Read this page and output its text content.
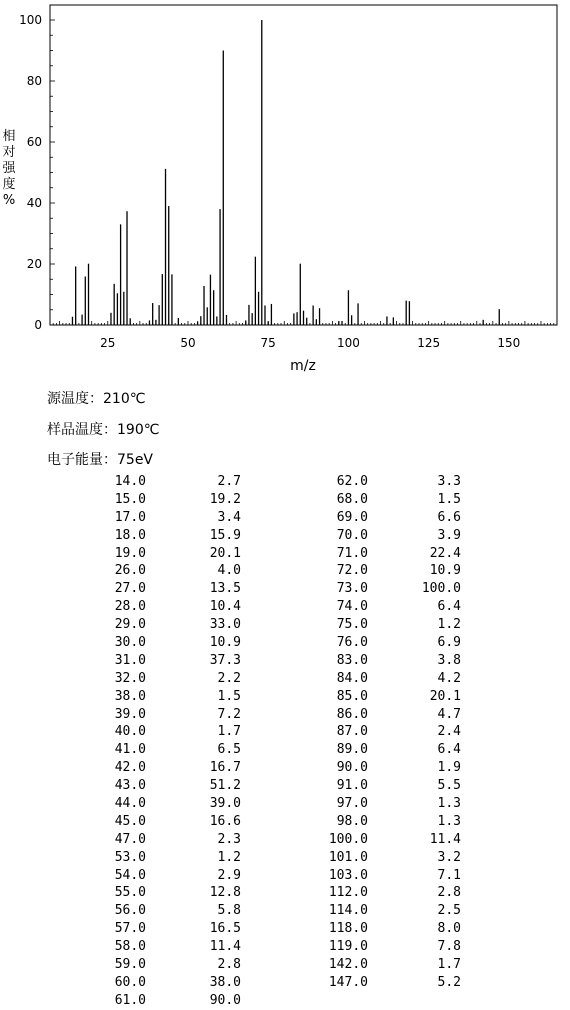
25	50	75	100	125	150
0
20
40
60
80
100
m/z
相
对
强
度
%
源温度：210℃
样品温度：190℃
电子能量：75eV
14.0	2.7
15.0	19.2
17.0	3.4
18.0	15.9
19.0	20.1
26.0	4.0
27.0	13.5
28.0	10.4
29.0	33.0
30.0	10.9
31.0	37.3
32.0	2.2
38.0	1.5
39.0	7.2
40.0	1.7
41.0	6.5
42.0	16.7
43.0	51.2
44.0	39.0
45.0	16.6
47.0	2.3
53.0	1.2
54.0	2.9
55.0	12.8
56.0	5.8
57.0	16.5
58.0	11.4
59.0	2.8
60.0	38.0
61.0	90.0
62.0	3.3
68.0	1.5
69.0	6.6
70.0	3.9
71.0	22.4
72.0	10.9
73.0	100.0
74.0	6.4
75.0	1.2
76.0	6.9
83.0	3.8
84.0	4.2
85.0	20.1
86.0	4.7
87.0	2.4
89.0	6.4
90.0	1.9
91.0	5.5
97.0	1.3
98.0	1.3
100.0	11.4
101.0	3.2
103.0	7.1
112.0	2.8
114.0	2.5
118.0	8.0
119.0	7.8
142.0	1.7
147.0	5.2
